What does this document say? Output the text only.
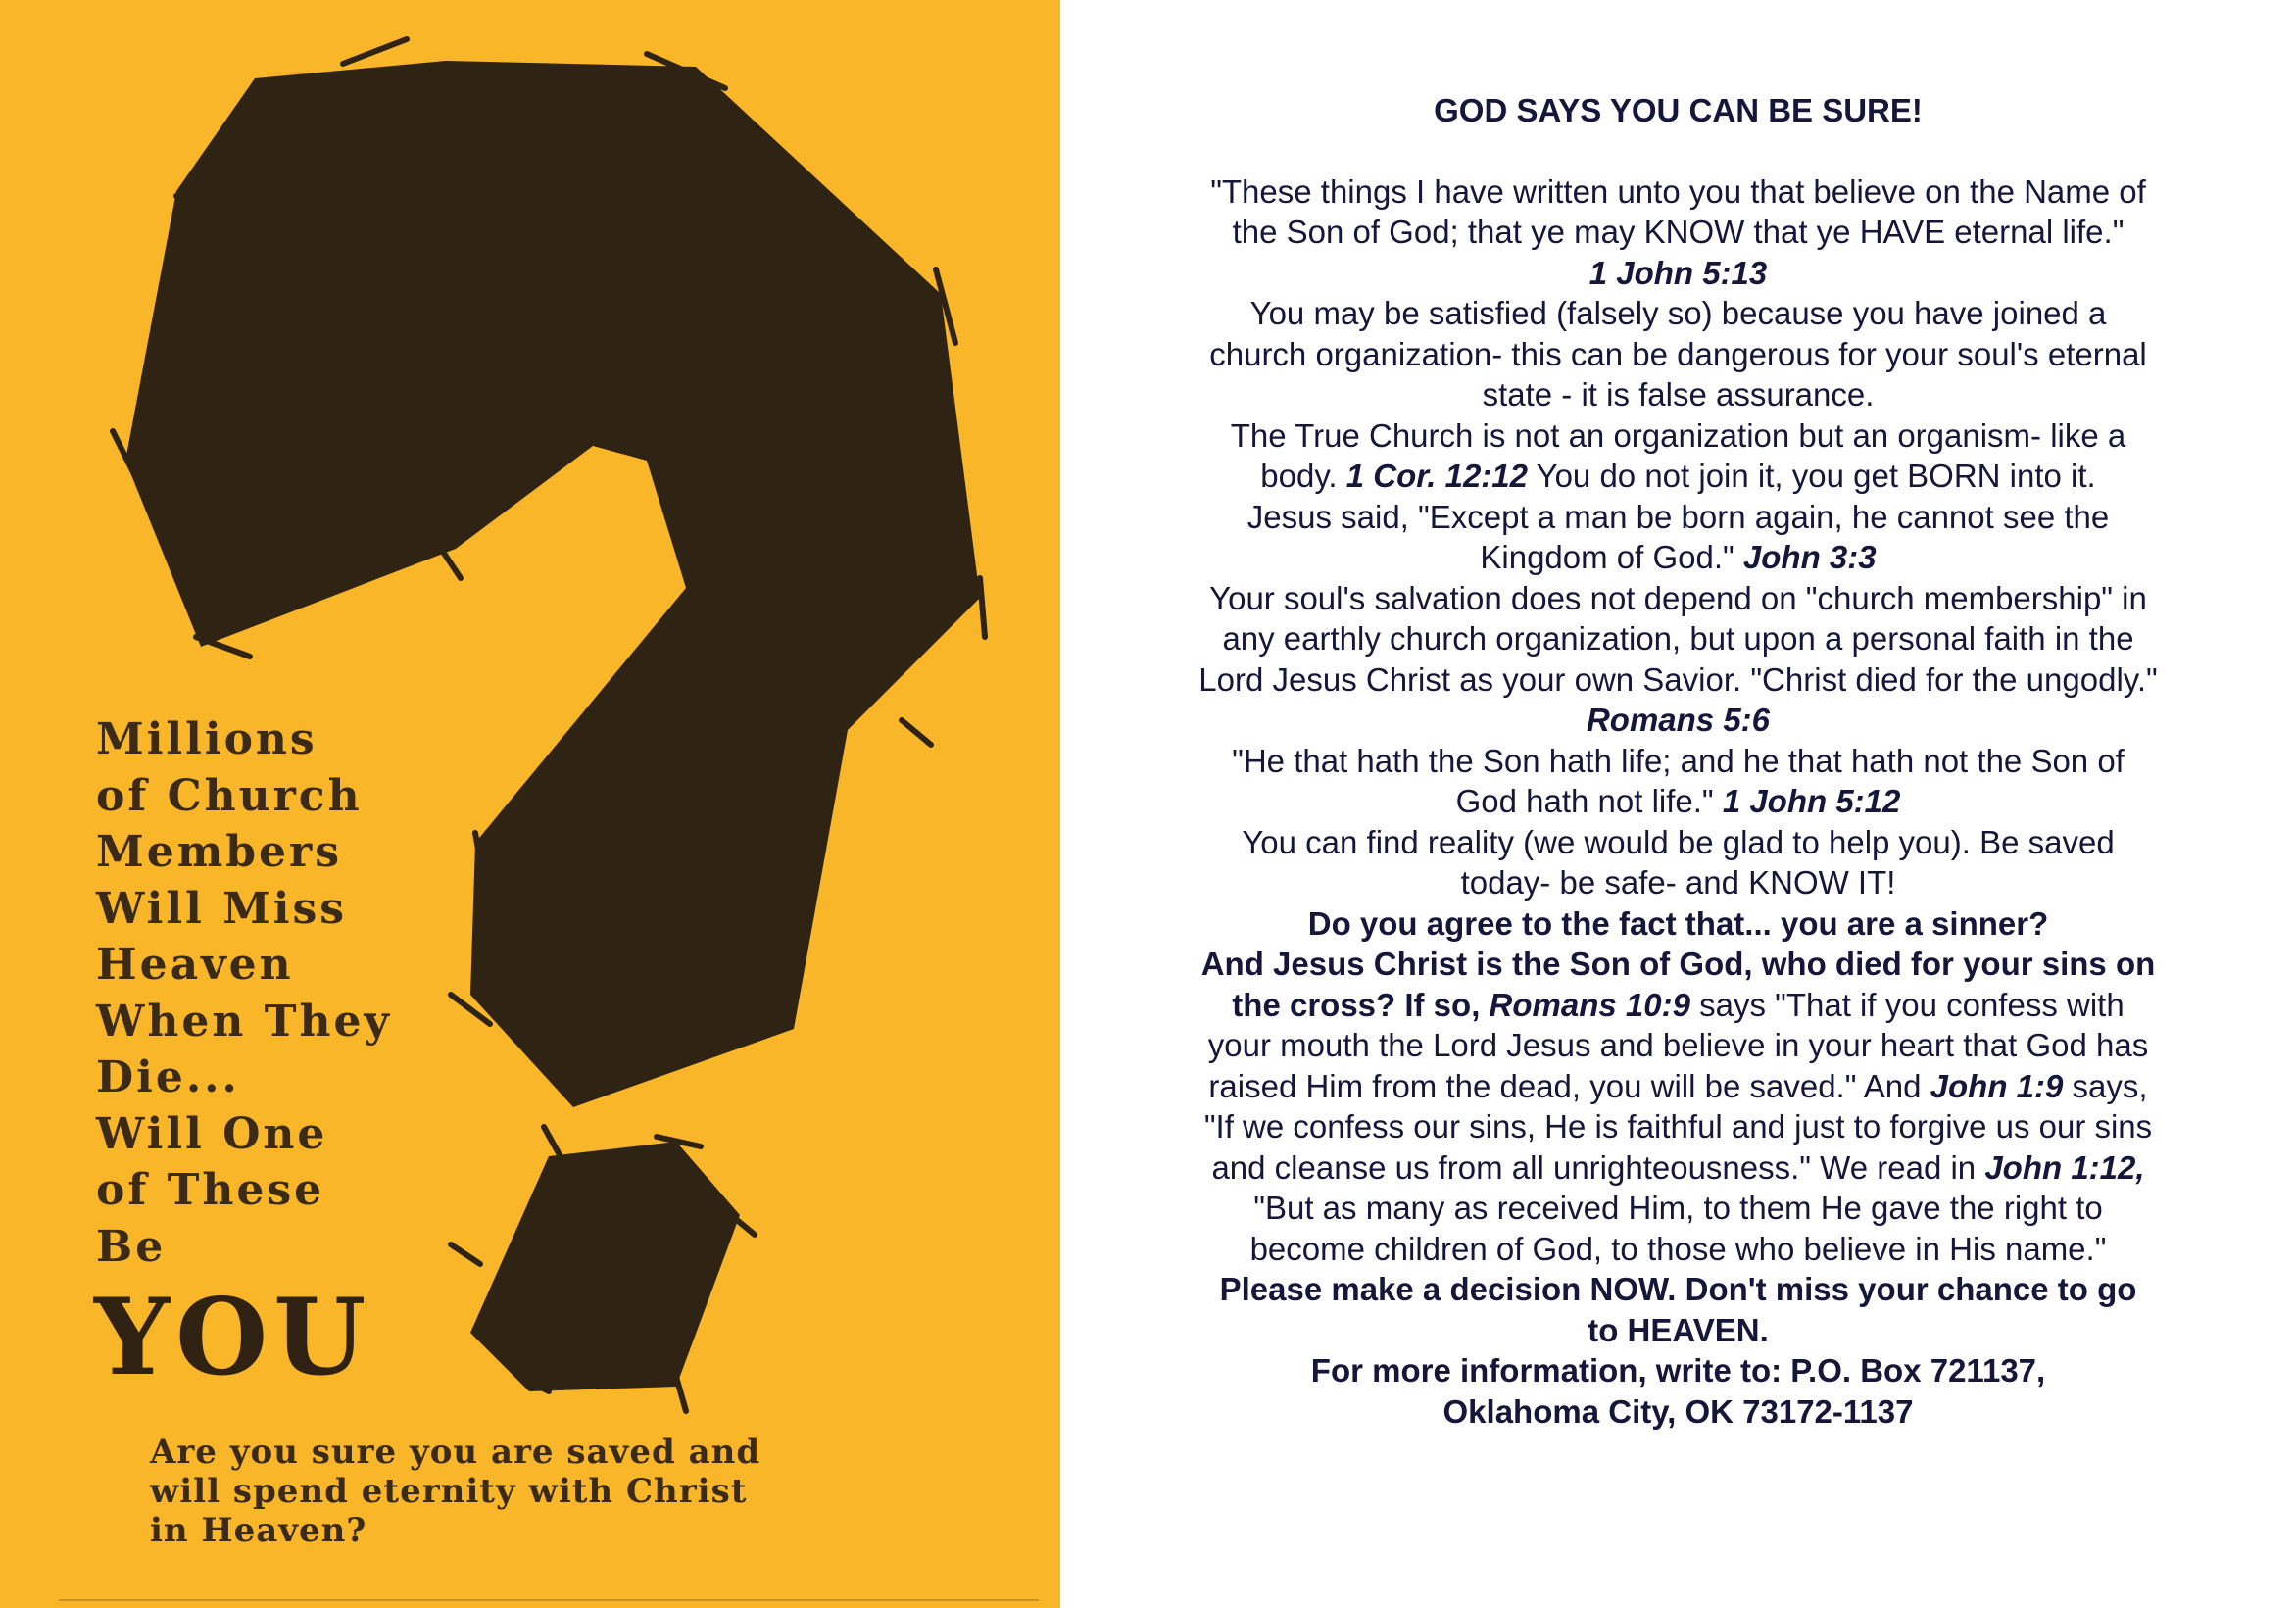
Millions
of Church
Members
Will Miss
Heaven
When They
Die...
Will One
of These
Be
YOU
Are you sure you are saved and
will spend eternity with Christ
in Heaven?
GOD SAYS YOU CAN BE SURE!

"These things I have written unto you that believe on the Name of
the Son of God; that ye may KNOW that ye HAVE eternal life."
1 John 5:13

You may be satisfied (falsely so) because you have joined a
church organization- this can be dangerous for your soul's eternal
state - it is false assurance.

The True Church is not an organization but an organism- like a
body. 1 Cor. 12:12 You do not join it, you get BORN into it.
Jesus said, "Except a man be born again, he cannot see the
Kingdom of God." John 3:3

Your soul's salvation does not depend on "church membership" in
any earthly church organization, but upon a personal faith in the
Lord Jesus Christ as your own Savior. "Christ died for the ungodly."
Romans 5:6

"He that hath the Son hath life; and he that hath not the Son of
God hath not life." 1 John 5:12

You can find reality (we would be glad to help you). Be saved
today- be safe- and KNOW IT!

Do you agree to the fact that... you are a sinner?
And Jesus Christ is the Son of God, who died for your sins on
the cross? If so, Romans 10:9 says "That if you confess with
your mouth the Lord Jesus and believe in your heart that God has
raised Him from the dead, you will be saved." And John 1:9 says,
"If we confess our sins, He is faithful and just to forgive us our sins
and cleanse us from all unrighteousness." We read in John 1:12,
"But as many as received Him, to them He gave the right to
become children of God, to those who believe in His name."

Please make a decision NOW. Don't miss your chance to go
to HEAVEN.

For more information, write to: P.O. Box 721137,
Oklahoma City, OK 73172-1137
